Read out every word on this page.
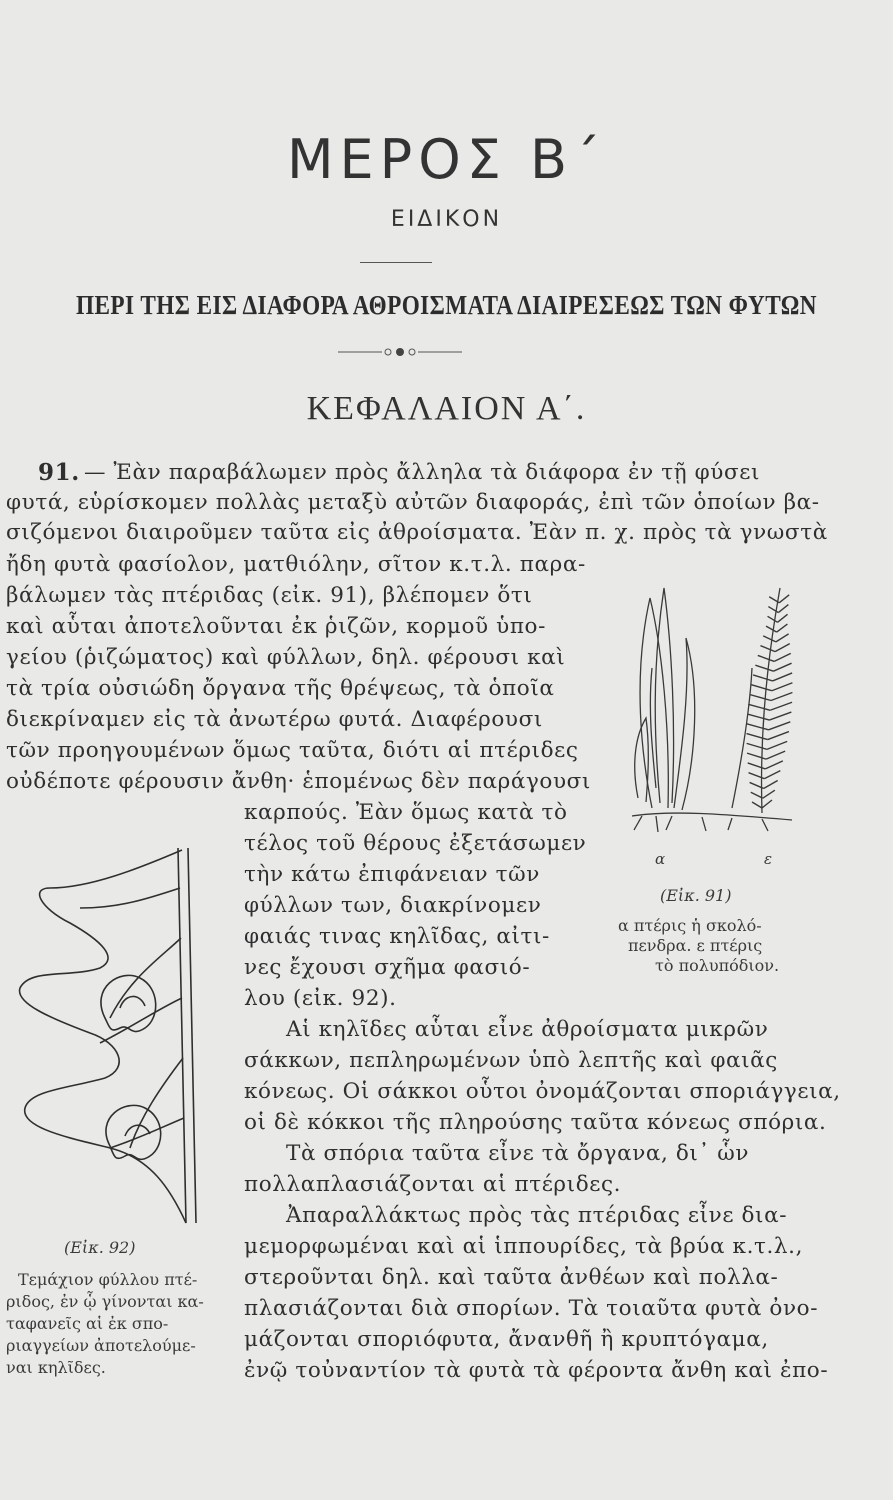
ΜΕΡΟΣ Β΄
ΕΙΔΙΚΟΝ
ΠΕΡΙ ΤΗΣ ΕΙΣ ΔΙΑΦΟΡΑ ΑΘΡΟΙΣΜΑΤΑ ΔΙΑΙΡΕΣΕΩΣ ΤΩΝ ΦΥΤΩΝ
ΚΕΦΑΛΑΙΟΝ Α΄.
91. — Ἐὰν παραβάλωμεν πρὸς ἄλληλα τὰ διάφορα ἐν τῇ φύσει
φυτά, εὑρίσκομεν πολλὰς μεταξὺ αὐτῶν διαφοράς, ἐπὶ τῶν ὁποίων βα-
σιζόμενοι διαιροῦμεν ταῦτα εἰς ἀθροίσματα. Ἐὰν π. χ. πρὸς τὰ γνωστὰ
ἤδη φυτὰ φασίολον, ματθιόλην, σῖτον κ.τ.λ. παρα-
βάλωμεν τὰς πτέριδας (εἰκ. 91), βλέπομεν ὅτι
καὶ αὗται ἀποτελοῦνται ἐκ ῥιζῶν, κορμοῦ ὑπο-
γείου (ῥιζώματος) καὶ φύλλων, δηλ. φέρουσι καὶ
τὰ τρία οὐσιώδη ὄργανα τῆς θρέψεως, τὰ ὁποῖα
διεκρίναμεν εἰς τὰ ἀνωτέρω φυτά. Διαφέρουσι
τῶν προηγουμένων ὅμως ταῦτα, διότι αἱ πτέριδες
οὐδέποτε φέρουσιν ἄνθη· ἑπομένως δὲν παράγουσι
καρπούς. Ἐὰν ὅμως κατὰ τὸ
τέλος τοῦ θέρους ἐξετάσωμεν
τὴν κάτω ἐπιφάνειαν τῶν
φύλλων των, διακρίνομεν
φαιάς τινας κηλῖδας, αἰτι-
νες ἔχουσι σχῆμα φασιό-
λου (εἰκ. 92).
Αἱ κηλῖδες αὗται εἶνε ἀθροίσματα μικρῶν
σάκκων, πεπληρωμένων ὑπὸ λεπτῆς καὶ φαιᾶς
κόνεως. Οἱ σάκκοι οὗτοι ὀνομάζονται σποριάγγεια,
οἱ δὲ κόκκοι τῆς πληρούσης ταῦτα κόνεως σπόρια.
Τὰ σπόρια ταῦτα εἶνε τὰ ὄργανα, δι᾽ ὧν
πολλαπλασιάζονται αἱ πτέριδες.
Ἀπαραλλάκτως πρὸς τὰς πτέριδας εἶνε δια-
μεμορφωμέναι καὶ αἱ ἱππουρίδες, τὰ βρύα κ.τ.λ.,
στεροῦνται δηλ. καὶ ταῦτα ἀνθέων καὶ πολλα-
πλασιάζονται διὰ σπορίων. Τὰ τοιαῦτα φυτὰ ὀνο-
μάζονται σποριόφυτα, ἄνανθῆ ἢ κρυπτόγαμα,
ἐνῷ τοὐναντίον τὰ φυτὰ τὰ φέροντα ἄνθη καὶ ἐπο-
α	ε
(Εἰκ. 91)
α πτέρις ἡ σκολό-
πενδρα. ε πτέρις
τὸ πολυπόδιον.
(Εἰκ. 92)
Τεμάχιον φύλλου πτέ-
ριδος, ἐν ᾧ γίνονται κα-
ταφανεῖς αἱ ἐκ σπο-
ριαγγείων ἀποτελούμε-
ναι κηλῖδες.
